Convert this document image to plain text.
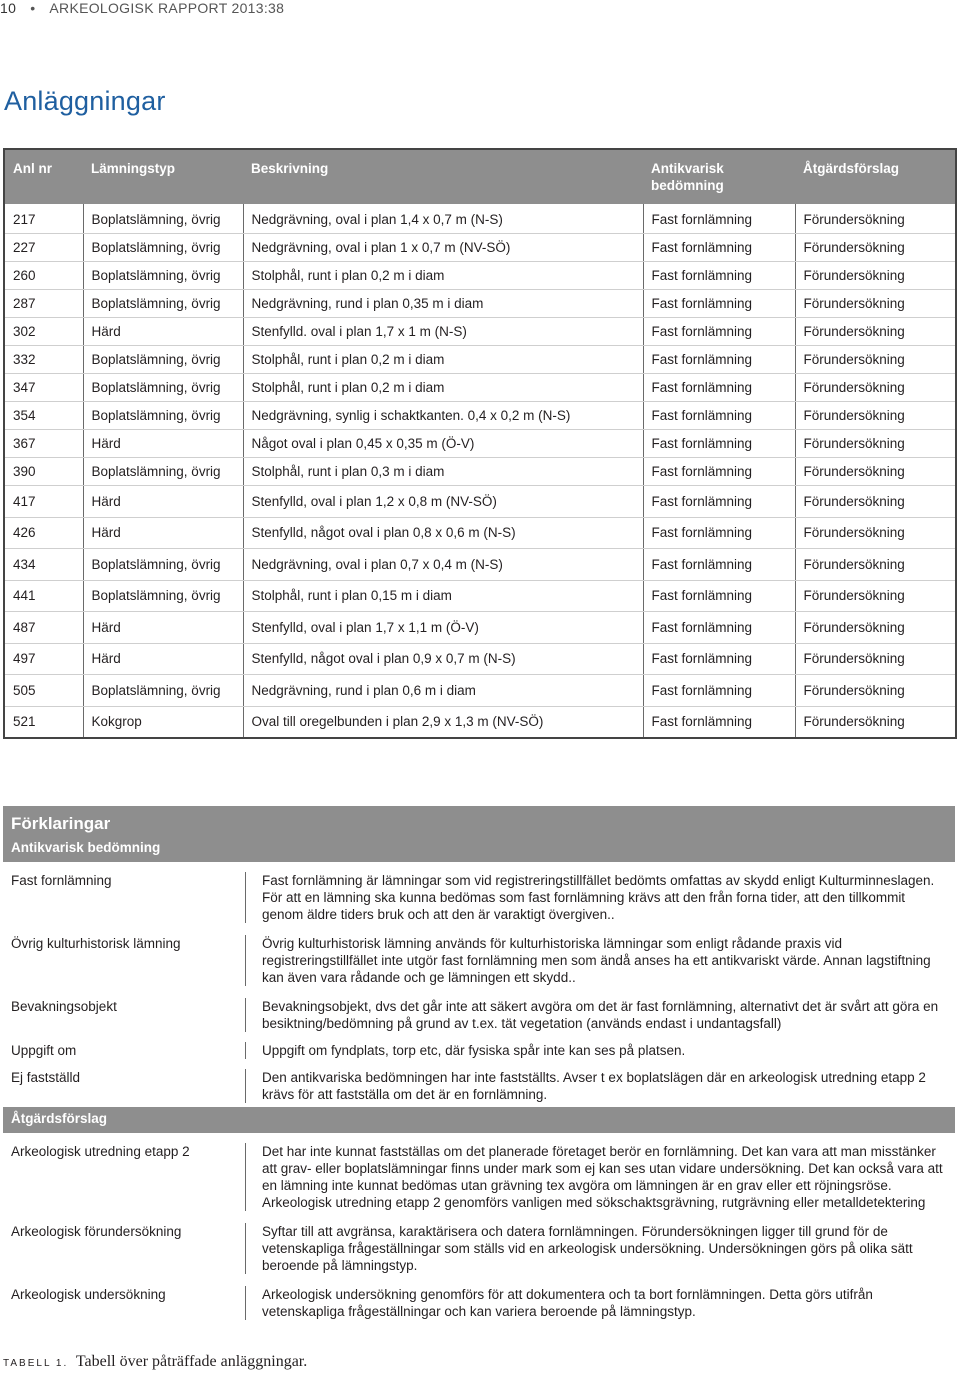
10 • ARKEOLOGISK RAPPORT 2013:38
Anläggningar
Anl nr	Lämningstyp	Beskrivning	Antikvarisk bedömning	Åtgärdsförslag
217	Boplatslämning, övrig	Nedgrävning, oval i plan 1,4 x 0,7 m (N-S)	Fast fornlämning	Förundersökning
227	Boplatslämning, övrig	Nedgrävning, oval i plan 1 x 0,7 m (NV-SÖ)	Fast fornlämning	Förundersökning
260	Boplatslämning, övrig	Stolphål, runt i plan 0,2 m i diam	Fast fornlämning	Förundersökning
287	Boplatslämning, övrig	Nedgrävning, rund i plan 0,35 m i diam	Fast fornlämning	Förundersökning
302	Härd	Stenfylld. oval i plan 1,7 x 1 m (N-S)	Fast fornlämning	Förundersökning
332	Boplatslämning, övrig	Stolphål, runt i plan 0,2 m i diam	Fast fornlämning	Förundersökning
347	Boplatslämning, övrig	Stolphål, runt i plan 0,2 m i diam	Fast fornlämning	Förundersökning
354	Boplatslämning, övrig	Nedgrävning, synlig i schaktkanten. 0,4 x 0,2 m (N-S)	Fast fornlämning	Förundersökning
367	Härd	Något oval i plan 0,45 x 0,35 m (Ö-V)	Fast fornlämning	Förundersökning
390	Boplatslämning, övrig	Stolphål, runt i plan 0,3 m i diam	Fast fornlämning	Förundersökning
417	Härd	Stenfylld, oval i plan 1,2 x 0,8 m (NV-SÖ)	Fast fornlämning	Förundersökning
426	Härd	Stenfylld, något oval i plan 0,8 x 0,6 m (N-S)	Fast fornlämning	Förundersökning
434	Boplatslämning, övrig	Nedgrävning, oval i plan 0,7 x 0,4 m (N-S)	Fast fornlämning	Förundersökning
441	Boplatslämning, övrig	Stolphål, runt i plan 0,15 m i diam	Fast fornlämning	Förundersökning
487	Härd	Stenfylld, oval i plan 1,7 x 1,1 m (Ö-V)	Fast fornlämning	Förundersökning
497	Härd	Stenfylld, något oval i plan 0,9 x 0,7 m (N-S)	Fast fornlämning	Förundersökning
505	Boplatslämning, övrig	Nedgrävning, rund i plan 0,6 m i diam	Fast fornlämning	Förundersökning
521	Kokgrop	Oval till oregelbunden i plan 2,9 x 1,3 m (NV-SÖ)	Fast fornlämning	Förundersökning
Förklaringar
Antikvarisk bedömning
Fast fornlämning	Fast fornlämning är lämningar som vid registreringstillfället bedömts omfattas av skydd enligt Kulturminneslagen. För att en lämning ska kunna bedömas som fast fornlämning krävs att den från forna tider, att den tillkommit genom äldre tiders bruk och att den är varaktigt övergiven..
Övrig kulturhistorisk lämning	Övrig kulturhistorisk lämning används för kulturhistoriska lämningar som enligt rådande praxis vid registreringstillfället inte utgör fast fornlämning men som ändå anses ha ett antikvariskt värde. Annan lagstiftning kan även vara rådande och ge lämningen ett skydd..
Bevakningsobjekt	Bevakningsobjekt, dvs det går inte att säkert avgöra om det är fast fornlämning, alternativt det är svårt att göra en besiktning/bedömning på grund av t.ex. tät vegetation (används endast i undantagsfall)
Uppgift om	Uppgift om fyndplats, torp etc, där fysiska spår inte kan ses på platsen.
Ej fastställd	Den antikvariska bedömningen har inte fastställts. Avser t ex boplatslägen där en arkeologisk utredning etapp 2 krävs för att fastställa om det är en fornlämning.
Åtgärdsförslag
Arkeologisk utredning etapp 2	Det har inte kunnat fastställas om det planerade företaget berör en fornlämning. Det kan vara att man misstänker att grav- eller boplatslämningar finns under mark som ej kan ses utan vidare undersökning. Det kan också vara att en lämning inte kunnat bedömas utan grävning tex avgöra om lämningen är en grav eller ett röjningsröse. Arkeologisk utredning etapp 2 genomförs vanligen med sökschaktsgrävning, rutgrävning eller metalldetektering
Arkeologisk förundersökning	Syftar till att avgränsa, karaktärisera och datera fornlämningen. Förundersökningen ligger till grund för de vetenskapliga frågeställningar som ställs vid en arkeologisk undersökning. Undersökningen görs på olika sätt beroende på lämningstyp.
Arkeologisk undersökning	Arkeologisk undersökning genomförs för att dokumentera och ta bort fornlämningen. Detta görs utifrån vetenskapliga frågeställningar och kan variera beroende på lämningstyp.
TABELL 1. Tabell över påträffade anläggningar.
